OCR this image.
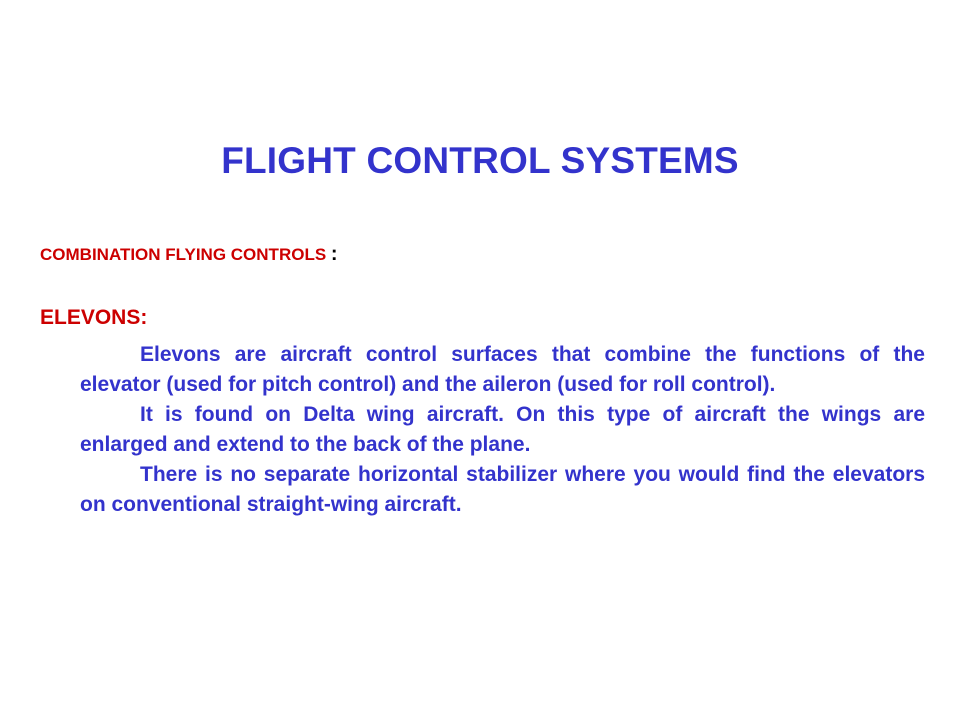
FLIGHT CONTROL SYSTEMS
COMBINATION FLYING CONTROLS :
ELEVONS:

Elevons are aircraft control surfaces that combine the functions of the elevator (used for pitch control) and the aileron (used for roll control).

It is found on Delta wing aircraft. On this type of aircraft the wings are enlarged and extend to the back of the plane.

There is no separate horizontal stabilizer where you would find the elevators on conventional straight-wing aircraft.
